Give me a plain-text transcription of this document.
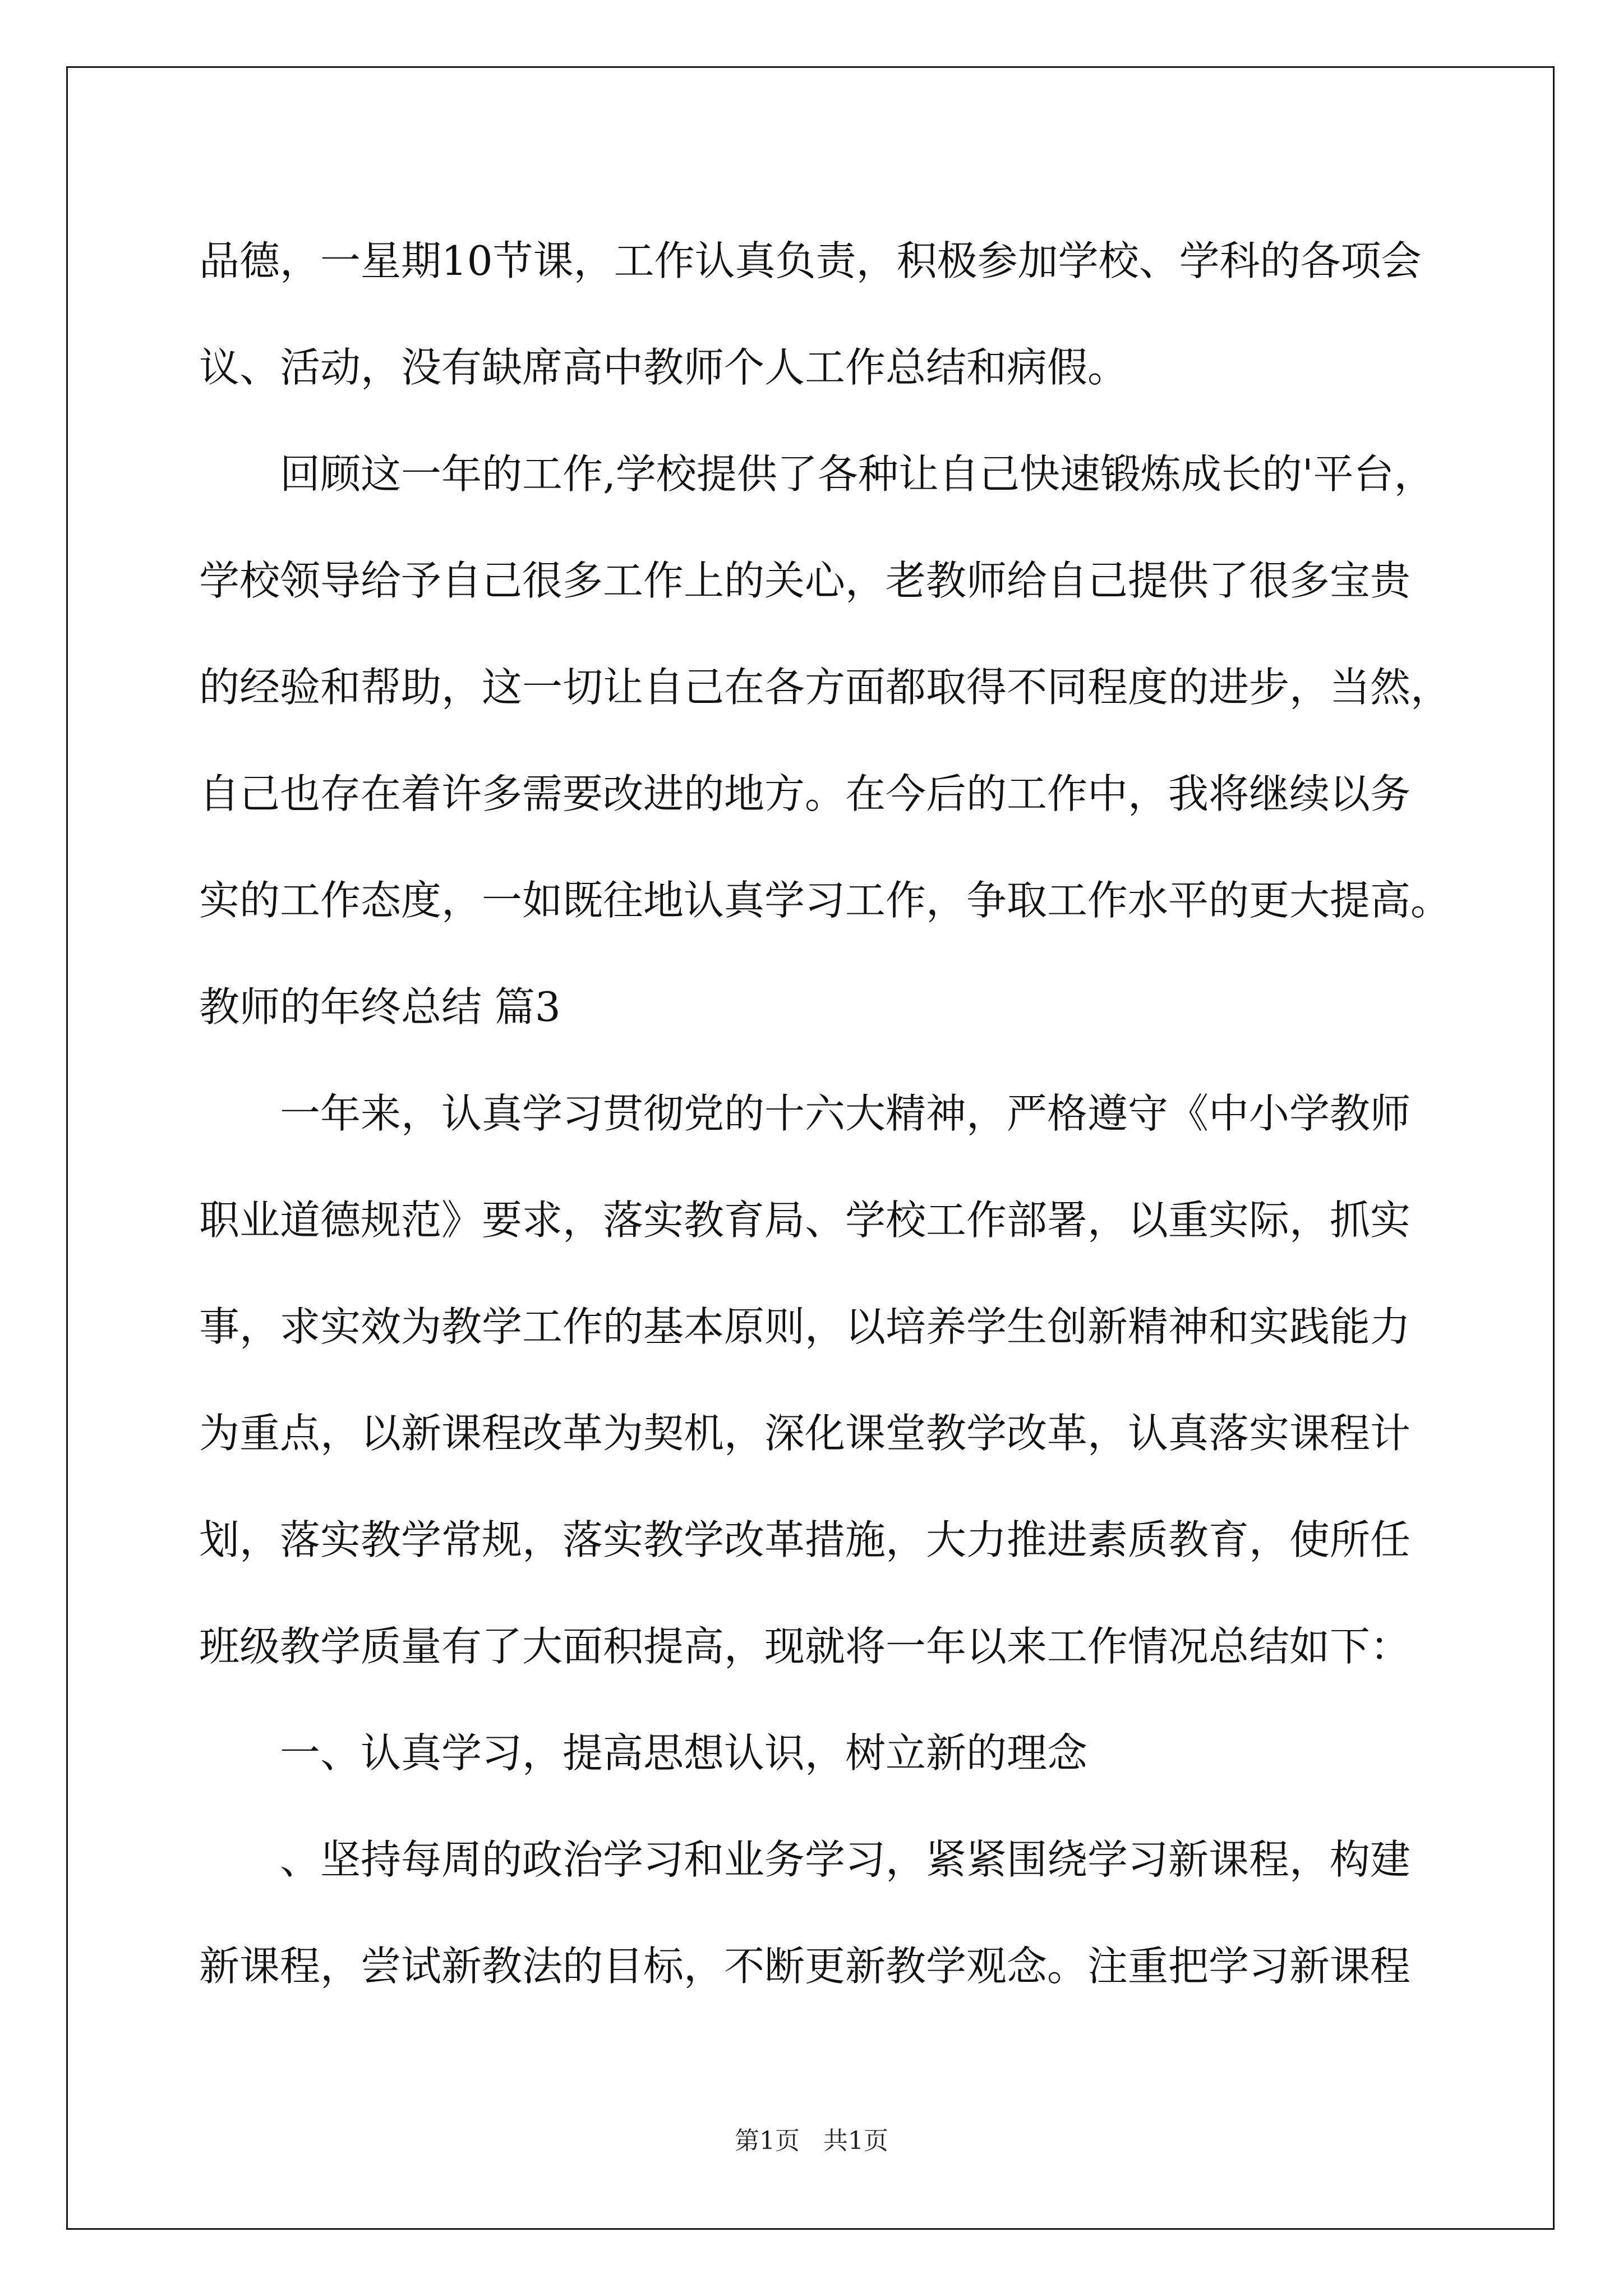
品德，一星期10节课，工作认真负责，积极参加学校、学科的各项会
议、活动，没有缺席高中教师个人工作总结和病假。
回顾这一年的工作,学校提供了各种让自己快速锻炼成长的'平台，
学校领导给予自己很多工作上的关心，老教师给自己提供了很多宝贵
的经验和帮助，这一切让自己在各方面都取得不同程度的进步，当然，
自己也存在着许多需要改进的地方。在今后的工作中，我将继续以务
实的工作态度，一如既往地认真学习工作，争取工作水平的更大提高。
教师的年终总结 篇3
一年来，认真学习贯彻党的十六大精神，严格遵守《中小学教师
职业道德规范》要求，落实教育局、学校工作部署，以重实际，抓实
事，求实效为教学工作的基本原则，以培养学生创新精神和实践能力
为重点，以新课程改革为契机，深化课堂教学改革，认真落实课程计
划，落实教学常规，落实教学改革措施，大力推进素质教育，使所任
班级教学质量有了大面积提高，现就将一年以来工作情况总结如下：
一、认真学习，提高思想认识，树立新的理念
、坚持每周的政治学习和业务学习，紧紧围绕学习新课程，构建
新课程，尝试新教法的目标，不断更新教学观念。注重把学习新课程
第1页   共1页
